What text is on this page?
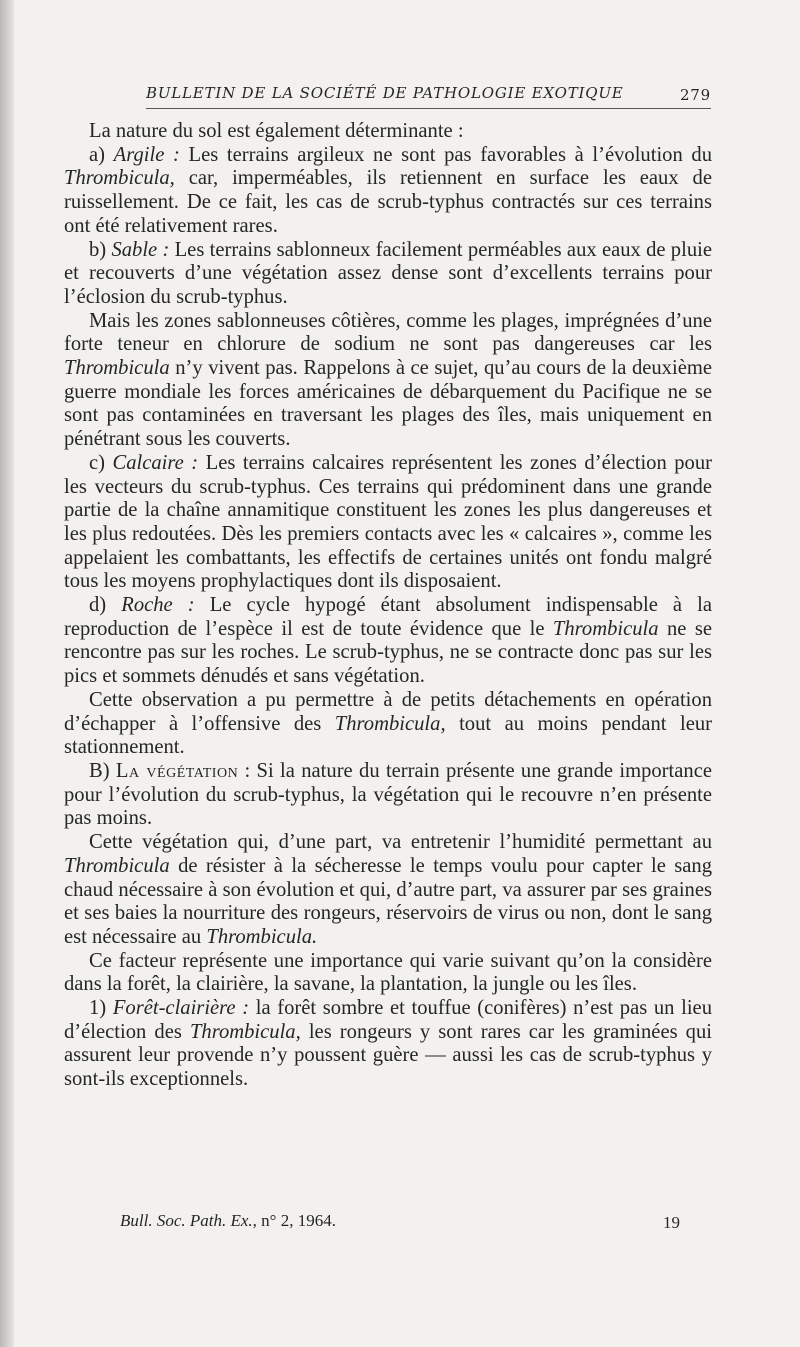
BULLETIN DE LA SOCIÉTÉ DE PATHOLOGIE EXOTIQUE	279

La nature du sol est également déterminante :

a) Argile : Les terrains argileux ne sont pas favorables à l’évolution du Thrombicula, car, imperméables, ils retiennent en surface les eaux de ruissellement. De ce fait, les cas de scrub-typhus contractés sur ces terrains ont été relativement rares.

b) Sable : Les terrains sablonneux facilement perméables aux eaux de pluie et recouverts d’une végétation assez dense sont d’excellents terrains pour l’éclosion du scrub-typhus.

Mais les zones sablonneuses côtières, comme les plages, imprégnées d’une forte teneur en chlorure de sodium ne sont pas dangereuses car les Thrombicula n’y vivent pas. Rappelons à ce sujet, qu’au cours de la deuxième guerre mondiale les forces américaines de débarquement du Pacifique ne se sont pas contaminées en traversant les plages des îles, mais uniquement en pénétrant sous les couverts.

c) Calcaire : Les terrains calcaires représentent les zones d’élection pour les vecteurs du scrub-typhus. Ces terrains qui prédominent dans une grande partie de la chaîne annamitique constituent les zones les plus dangereuses et les plus redoutées. Dès les premiers contacts avec les « calcaires », comme les appelaient les combattants, les effectifs de certaines unités ont fondu malgré tous les moyens prophylactiques dont ils disposaient.

d) Roche : Le cycle hypogé étant absolument indispensable à la reproduction de l’espèce il est de toute évidence que le Thrombicula ne se rencontre pas sur les roches. Le scrub-typhus, ne se contracte donc pas sur les pics et sommets dénudés et sans végétation.

Cette observation a pu permettre à de petits détachements en opération d’échapper à l’offensive des Thrombicula, tout au moins pendant leur stationnement.

B) La végétation : Si la nature du terrain présente une grande importance pour l’évolution du scrub-typhus, la végétation qui le recouvre n’en présente pas moins.

Cette végétation qui, d’une part, va entretenir l’humidité permettant au Thrombicula de résister à la sécheresse le temps voulu pour capter le sang chaud nécessaire à son évolution et qui, d’autre part, va assurer par ses graines et ses baies la nourriture des rongeurs, réservoirs de virus ou non, dont le sang est nécessaire au Thrombicula.

Ce facteur représente une importance qui varie suivant qu’on la considère dans la forêt, la clairière, la savane, la plantation, la jungle ou les îles.

1) Forêt-clairière : la forêt sombre et touffue (conifères) n’est pas un lieu d’élection des Thrombicula, les rongeurs y sont rares car les graminées qui assurent leur provende n’y poussent guère — aussi les cas de scrub-typhus y sont-ils exceptionnels.

Bull. Soc. Path. Ex., n° 2, 1964.	19
